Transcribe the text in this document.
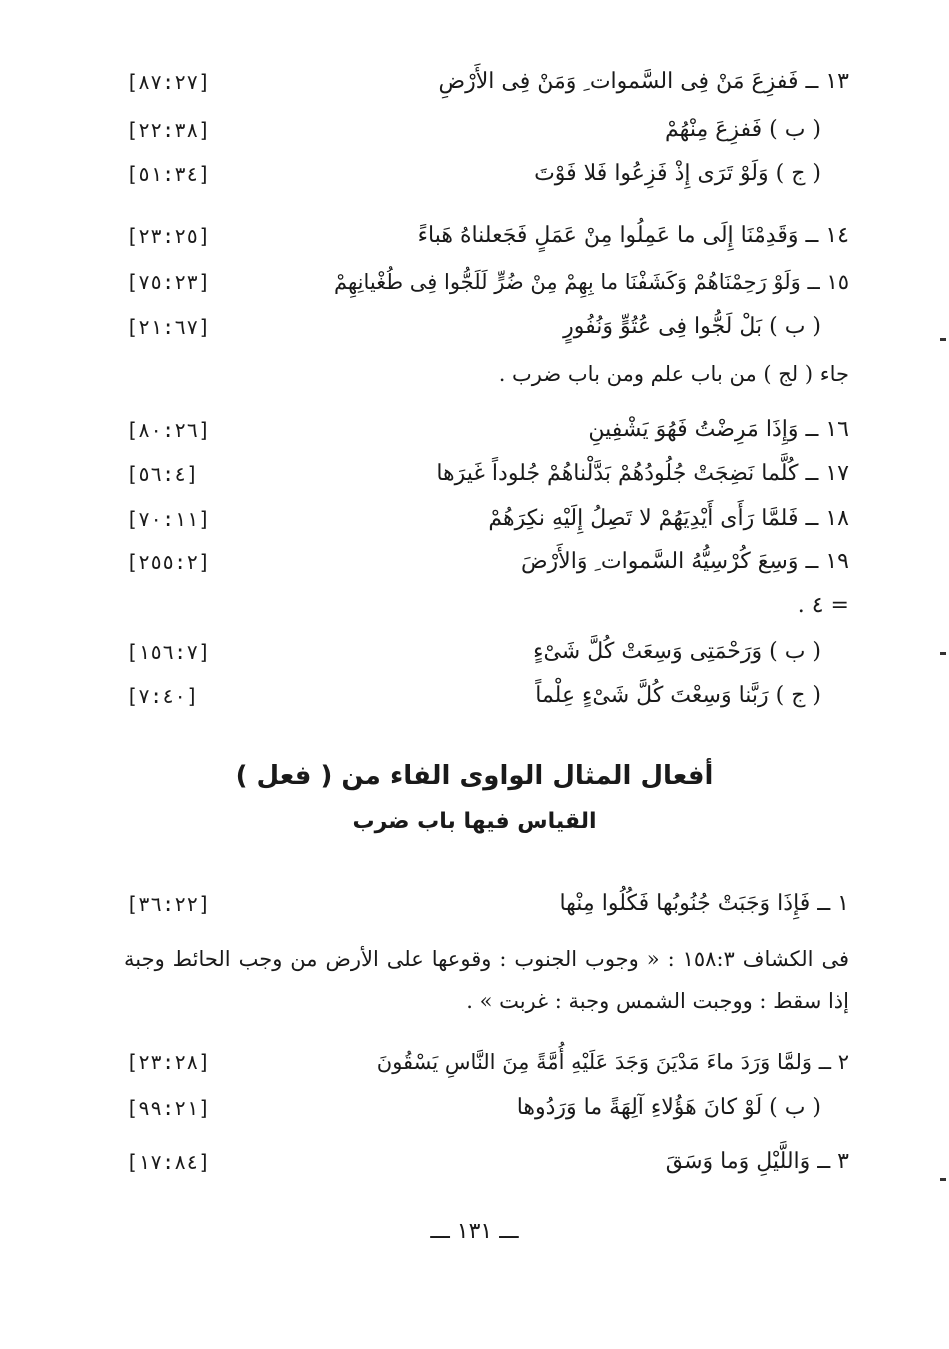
١٣ ــ فَفزِعَ مَنْ فِى السَّموات ِ وَمَنْ فِى الأَرْضِ
[٨٧:٢٧]
( ب ) فَفزِعَ مِنْهُمْ
[٢٢:٣٨]
( ج ) وَلَوْ تَرَى إِذْ فَزِعُوا فَلا فَوْتَ
[٥١:٣٤]
١٤ ــ وَقَدِمْنَا إِلَى ما عَمِلُوا مِنْ عَمَلٍ فَجَعلناهُ هَباءً
[٢٣:٢٥]
١٥ ــ وَلَوْ رَحِمْنَاهُمْ وَكَشَفْنَا ما بِهِمْ مِنْ ضُرٍّ لَلَجُّوا فِى طُغْيانِهِمْ
[٧٥:٢٣]
( ب ) بَلْ لَجُّوا فِى عُتُوٍّ وَنُفُورٍ
[٢١:٦٧]
جاء ( لج ) من باب علم ومن باب ضرب .
١٦ ــ وَإِذَا مَرِضْتُ فَهُوَ يَشْفِينِ
[٨٠:٢٦]
١٧ ــ كُلَّما نَضِجَتْ جُلُودُهُمْ بَدَّلْناهُمْ جُلوداً غَيرَها
[٥٦:٤]
١٨ ــ فَلمَّا رَأَى أَيْدِيَهُمْ لا تَصِلُ إِلَيْهِ نكِرَهُمْ
[٧٠:١١]
١٩ ــ وَسِعَ كُرْسِيُّهُ السَّموات ِ وَالأَرْضَ
[٢٥٥:٢]
= ٤ .
( ب ) وَرَحْمَتِى وَسِعَتْ كُلَّ شَىْءٍ
[١٥٦:٧]
( ج ) رَبَّنا وَسِعْتَ كُلَّ شَىْءٍ عِلْماً
[٧:٤٠]
أفعال المثال الواوى الفاء من ( فعل )
القياس فيها باب ضرب
١ ــ فَإِذَا وَجَبَتْ جُنُوبُها فَكُلُوا مِنْها
[٣٦:٢٢]
فى الكشاف ١٥٨:٣ : « وجوب الجنوب : وقوعها على الأرض من وجب الحائط وجبة إذا سقط : ووجبت الشمس وجبة : غربت » .
٢ ــ وَلمَّا وَرَدَ ماءَ مَدْيَنَ وَجَدَ عَلَيْهِ أُمَّةً مِنَ النَّاسِ يَسْقُونَ
[٢٣:٢٨]
( ب ) لَوْ كانَ هَؤُلاءِ آلِهَةً ما وَرَدُوها
[٩٩:٢١]
٣ ــ وَاللَّيْلِ وَما وَسَقَ
[١٧:٨٤]
ـــ ١٣١ ـــ
